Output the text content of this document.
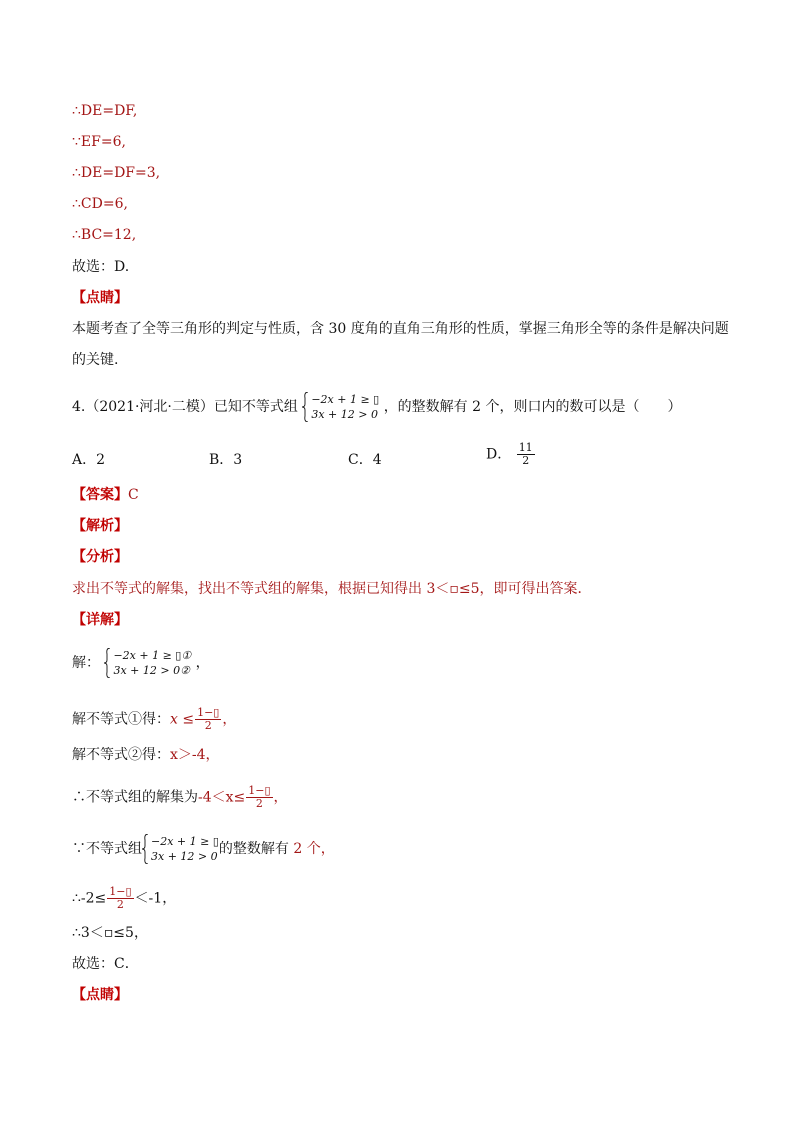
∴DE=DF,
∵EF=6,
∴DE=DF=3,
∴CD=6,
∴BC=12,
故选：D.
【点睛】
本题考查了全等三角形的判定与性质，含 30 度角的直角三角形的性质，掌握三角形全等的条件是解决问题
的关键.
4.（2021·河北·二模）已知不等式组 −2x + 1 ≥ ▯
3x + 12 > 0 ，的整数解有 2 个，则口内的数可以是（　　）
A．2	B．3	C．4	D． $\frac{11}{2}$
【答案】C
【解析】
【分析】
求出不等式的解集，找出不等式组的解集，根据已知得出 3＜▫≤5，即可得出答案．
【详解】
解： −2x + 1 ≥ ▯①
3x + 12 > 0② ，
解不等式①得：$x \le \frac{1-▯}{2}$ ，
解不等式②得：x＞-4，
∴不等式组的解集为$-4<x\le \frac{1-▯}{2}$ ，
∵不等式组 −2x + 1 ≥ ▯
3x + 12 > 0 的整数解有 2 个，
∴-2≤ $\frac{1-▯}{2} <-1$，
∴3＜▫≤5，
故选：C．
【点睛】
